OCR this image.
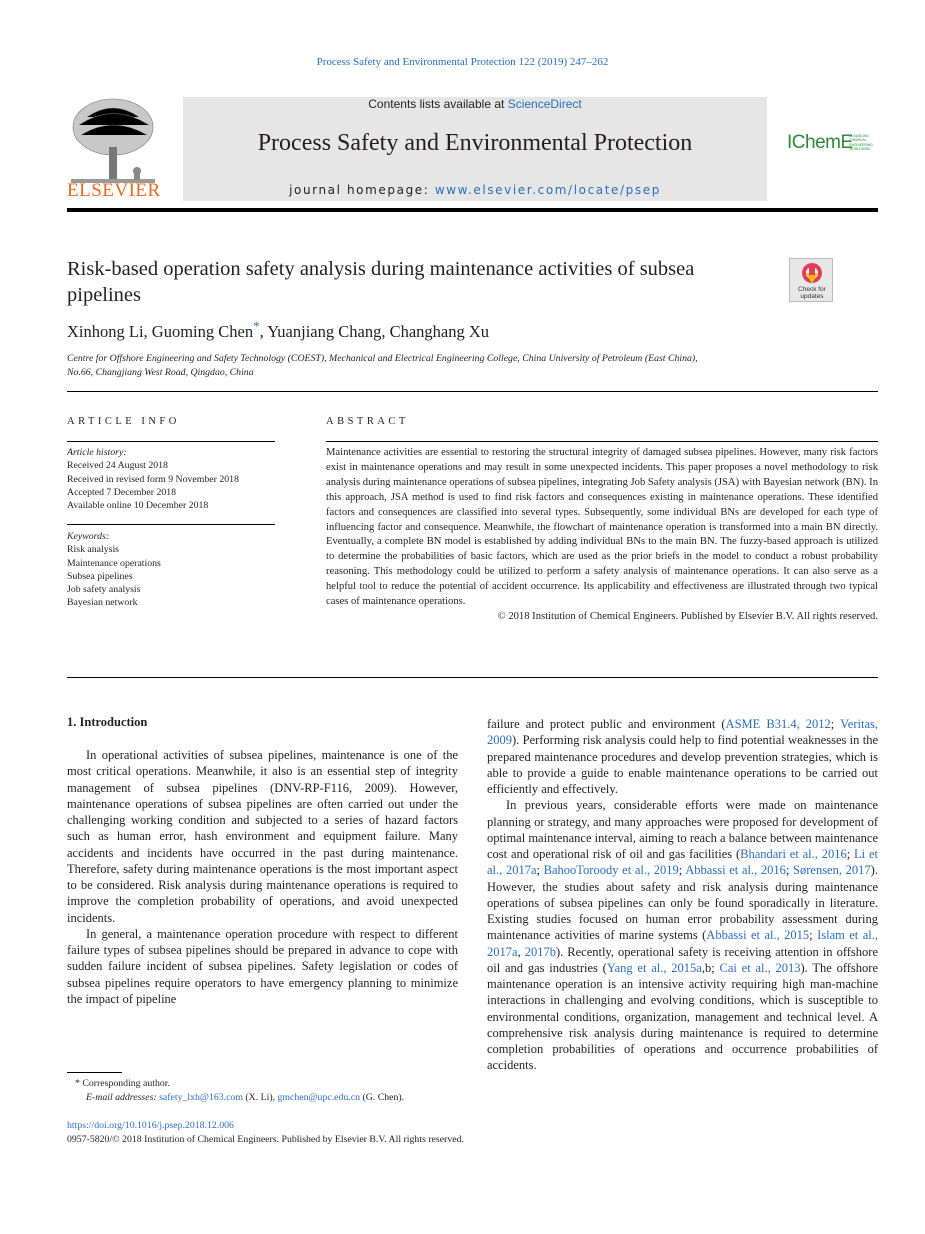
Process Safety and Environmental Protection 122 (2019) 247–262
ELSEVIER
Contents lists available at ScienceDirect
Process Safety and Environmental Protection
journal homepage: www.elsevier.com/locate/psep
IChemE
ADVANCING CHEMICAL ENGINEERING WORLDWIDE
Risk-based operation safety analysis during maintenance activities of subsea pipelines	Check for updates
Xinhong Li, Guoming Chen*, Yuanjiang Chang, Changhang Xu
Centre for Offshore Engineering and Safety Technology (COEST), Mechanical and Electrical Engineering College, China University of Petroleum (East China),
No.66, Changjiang West Road, Qingdao, China
ARTICLE INFO
Article history:
Received 24 August 2018
Received in revised form 9 November 2018
Accepted 7 December 2018
Available online 10 December 2018
Keywords:
Risk analysis
Maintenance operations
Subsea pipelines
Job safety analysis
Bayesian network
ABSTRACT
Maintenance activities are essential to restoring the structural integrity of damaged subsea pipelines. However, many risk factors exist in maintenance operations and may result in some unexpected incidents. This paper proposes a novel methodology to risk analysis during maintenance operations of subsea pipelines, integrating Job Safety analysis (JSA) with Bayesian network (BN). In this approach, JSA method is used to find risk factors and consequences existing in maintenance operations. These identified factors and consequences are classified into several types. Subsequently, some individual BNs are developed for each type of influencing factor and consequence. Meanwhile, the flowchart of maintenance operation is transformed into a main BN directly. Eventually, a complete BN model is established by adding individual BNs to the main BN. The fuzzy-based approach is utilized to determine the probabilities of basic factors, which are used as the prior briefs in the model to conduct a robust probability reasoning. This methodology could be utilized to perform a safety analysis of maintenance operations. It can also serve as a helpful tool to reduce the potential of accident occurrence. Its applicability and effectiveness are illustrated through two typical cases of maintenance operations.
© 2018 Institution of Chemical Engineers. Published by Elsevier B.V. All rights reserved.
1. Introduction

In operational activities of subsea pipelines, maintenance is one of the most critical operations. Meanwhile, it also is an essential step of integrity management of subsea pipelines (DNV-RP-F116, 2009). However, maintenance operations of subsea pipelines are often carried out under the challenging working condition and subjected to a series of hazard factors such as human error, hash environment and equipment failure. Many accidents and incidents have occurred in the past during maintenance. Therefore, safety during maintenance operations is the most important aspect to be considered. Risk analysis during maintenance operations is required to improve the completion probability of operations, and avoid unexpected incidents.

In general, a maintenance operation procedure with respect to different failure types of subsea pipelines should be prepared in advance to cope with sudden failure incident of subsea pipelines. Safety legislation or codes of subsea pipelines require operators to have emergency planning to minimize the impact of pipeline

failure and protect public and environment (ASME B31.4, 2012; Veritas, 2009). Performing risk analysis could help to find potential weaknesses in the prepared maintenance procedures and develop prevention strategies, which is able to provide a guide to enable maintenance operations to be carried out efficiently and effectively.

In previous years, considerable efforts were made on maintenance planning or strategy, and many approaches were proposed for development of optimal maintenance interval, aiming to reach a balance between maintenance cost and operational risk of oil and gas facilities (Bhandari et al., 2016; Li et al., 2017a; BahooToroody et al., 2019; Abbassi et al., 2016; Sørensen, 2017). However, the studies about safety and risk analysis during maintenance operations of subsea pipelines can only be found sporadically in literature. Existing studies focused on human error probability assessment during maintenance activities of marine systems (Abbassi et al., 2015; Islam et al., 2017a, 2017b). Recently, operational safety is receiving attention in offshore oil and gas industries (Yang et al., 2015a,b; Cai et al., 2013). The offshore maintenance operation is an intensive activity requiring high man-machine interactions in challenging and evolving conditions, which is susceptible to environmental conditions, organization, management and technical level. A comprehensive risk analysis during maintenance is required to determine completion probabilities of operations and occurrence probabilities of accidents.

* Corresponding author.
E-mail addresses: safety_lxh@163.com (X. Li), gmchen@upc.edu.cn (G. Chen).
https://doi.org/10.1016/j.psep.2018.12.006
0957-5820/© 2018 Institution of Chemical Engineers. Published by Elsevier B.V. All rights reserved.
